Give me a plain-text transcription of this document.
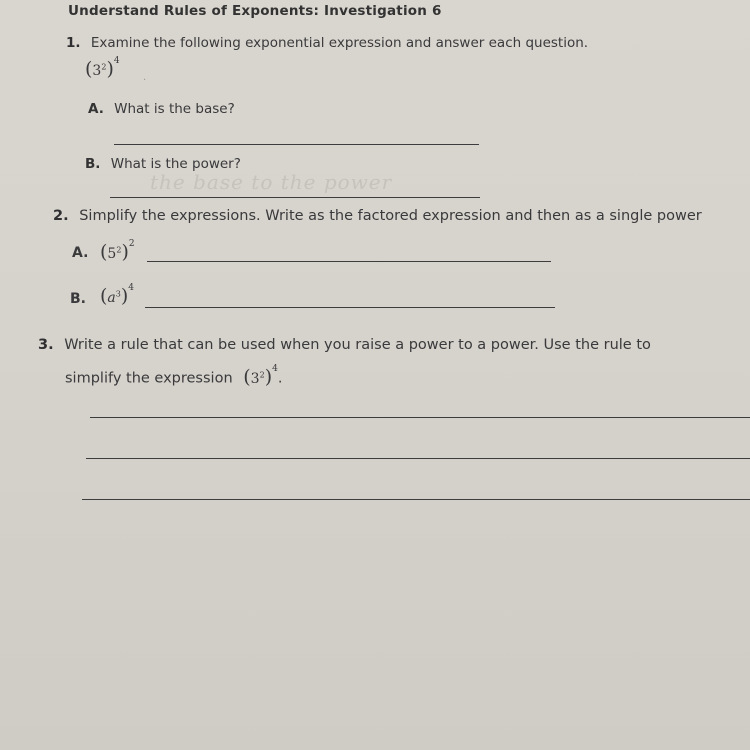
Understand Rules of Exponents: Investigation 6
1. Examine the following exponential expression and answer each question.
$(3^2)^4$
·
A. What is the base?
B. What is the power?
the base to the power
2. Simplify the expressions. Write as the factored expression and then as a single power
A. $(5^2)^2$
B. $(a^3)^4$
3. Write a rule that can be used when you raise a power to a power. Use the rule to
simplify the expression $(3^2)^4$.
